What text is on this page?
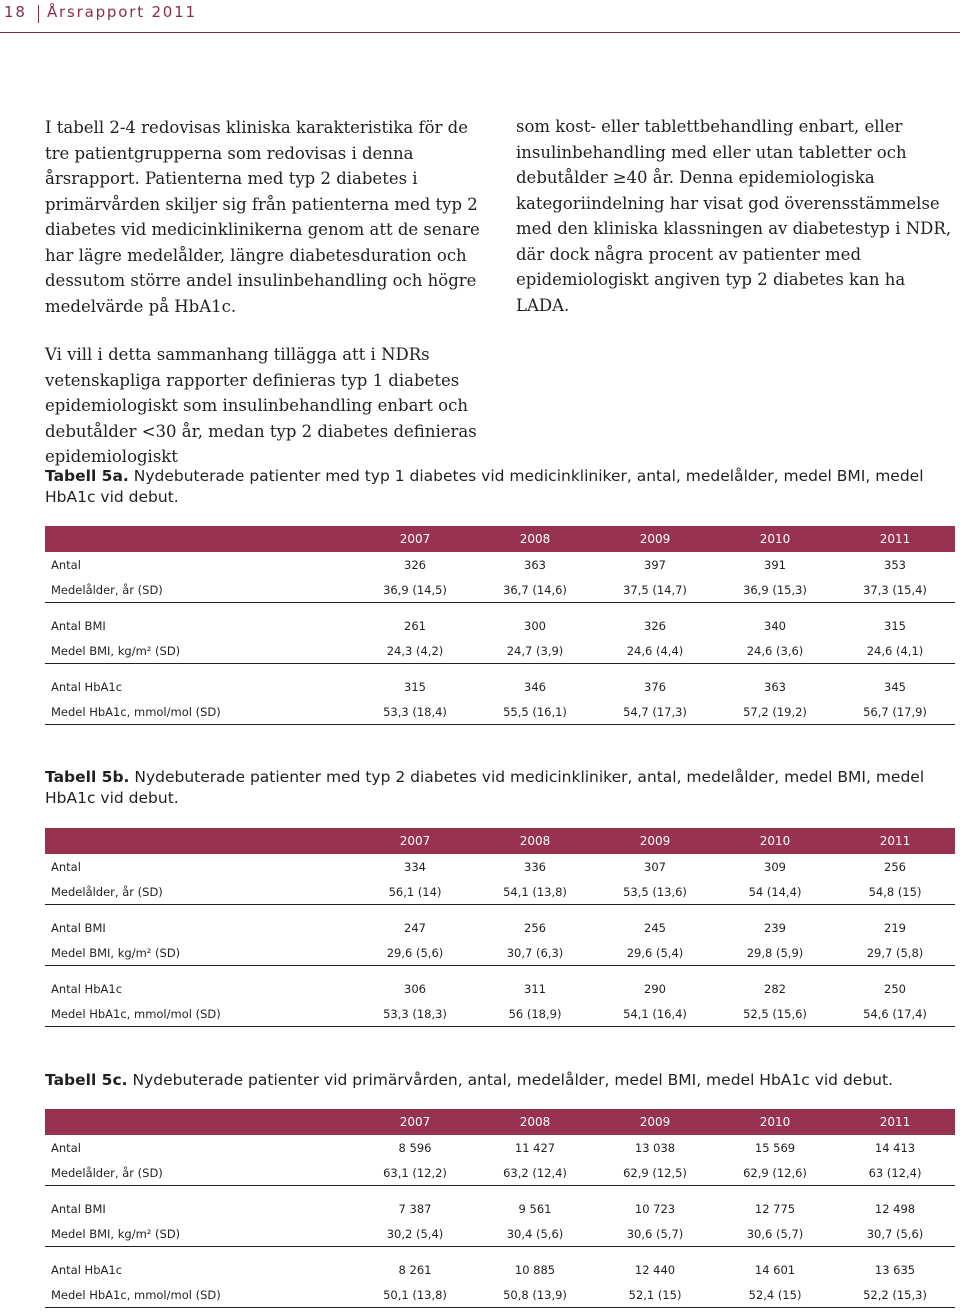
18 Årsrapport 2011

I tabell 2-4 redovisas kliniska karakteristika för de tre patientgrupperna som redovisas i denna årsrapport. Patienterna med typ 2 diabetes i primärvården skiljer sig från patienterna med typ 2 diabetes vid medicinklinikerna genom att de senare har lägre medelålder, längre diabetesduration och dessutom större andel insulinbehandling och högre medelvärde på HbA1c.

Vi vill i detta sammanhang tillägga att i NDRs vetenskapliga rapporter definieras typ 1 diabetes epidemiologiskt som insulinbehandling enbart och debutålder <30 år, medan typ 2 diabetes definieras epidemiologiskt

som kost- eller tablettbehandling enbart, eller insulinbehandling med eller utan tabletter och debutålder ≥40 år. Denna epidemiologiska kategoriindelning har visat god överensstämmelse med den kliniska klassningen av diabetestyp i NDR, där dock några procent av patienter med epidemiologiskt angiven typ 2 diabetes kan ha LADA.

Tabell 5a. Nydebuterade patienter med typ 1 diabetes vid medicinkliniker, antal, medelålder, medel BMI, medel HbA1c vid debut.
	2007	2008	2009	2010	2011
Antal	326	363	397	391	353
Medelålder, år (SD)	36,9 (14,5)	36,7 (14,6)	37,5 (14,7)	36,9 (15,3)	37,3 (15,4)

Antal BMI	261	300	326	340	315
Medel BMI, kg/m² (SD)	24,3 (4,2)	24,7 (3,9)	24,6 (4,4)	24,6 (3,6)	24,6 (4,1)

Antal HbA1c	315	346	376	363	345
Medel HbA1c, mmol/mol (SD)	53,3 (18,4)	55,5 (16,1)	54,7 (17,3)	57,2 (19,2)	56,7 (17,9)
Tabell 5b. Nydebuterade patienter med typ 2 diabetes vid medicinkliniker, antal, medelålder, medel BMI, medel HbA1c vid debut.
	2007	2008	2009	2010	2011
Antal	334	336	307	309	256
Medelålder, år (SD)	56,1 (14)	54,1 (13,8)	53,5 (13,6)	54 (14,4)	54,8 (15)

Antal BMI	247	256	245	239	219
Medel BMI, kg/m² (SD)	29,6 (5,6)	30,7 (6,3)	29,6 (5,4)	29,8 (5,9)	29,7 (5,8)

Antal HbA1c	306	311	290	282	250
Medel HbA1c, mmol/mol (SD)	53,3 (18,3)	56 (18,9)	54,1 (16,4)	52,5 (15,6)	54,6 (17,4)
Tabell 5c. Nydebuterade patienter vid primärvården, antal, medelålder, medel BMI, medel HbA1c vid debut.
	2007	2008	2009	2010	2011
Antal	8 596	11 427	13 038	15 569	14 413
Medelålder, år (SD)	63,1 (12,2)	63,2 (12,4)	62,9 (12,5)	62,9 (12,6)	63 (12,4)

Antal BMI	7 387	9 561	10 723	12 775	12 498
Medel BMI, kg/m² (SD)	30,2 (5,4)	30,4 (5,6)	30,6 (5,7)	30,6 (5,7)	30,7 (5,6)

Antal HbA1c	8 261	10 885	12 440	14 601	13 635
Medel HbA1c, mmol/mol (SD)	50,1 (13,8)	50,8 (13,9)	52,1 (15)	52,4 (15)	52,2 (15,3)
